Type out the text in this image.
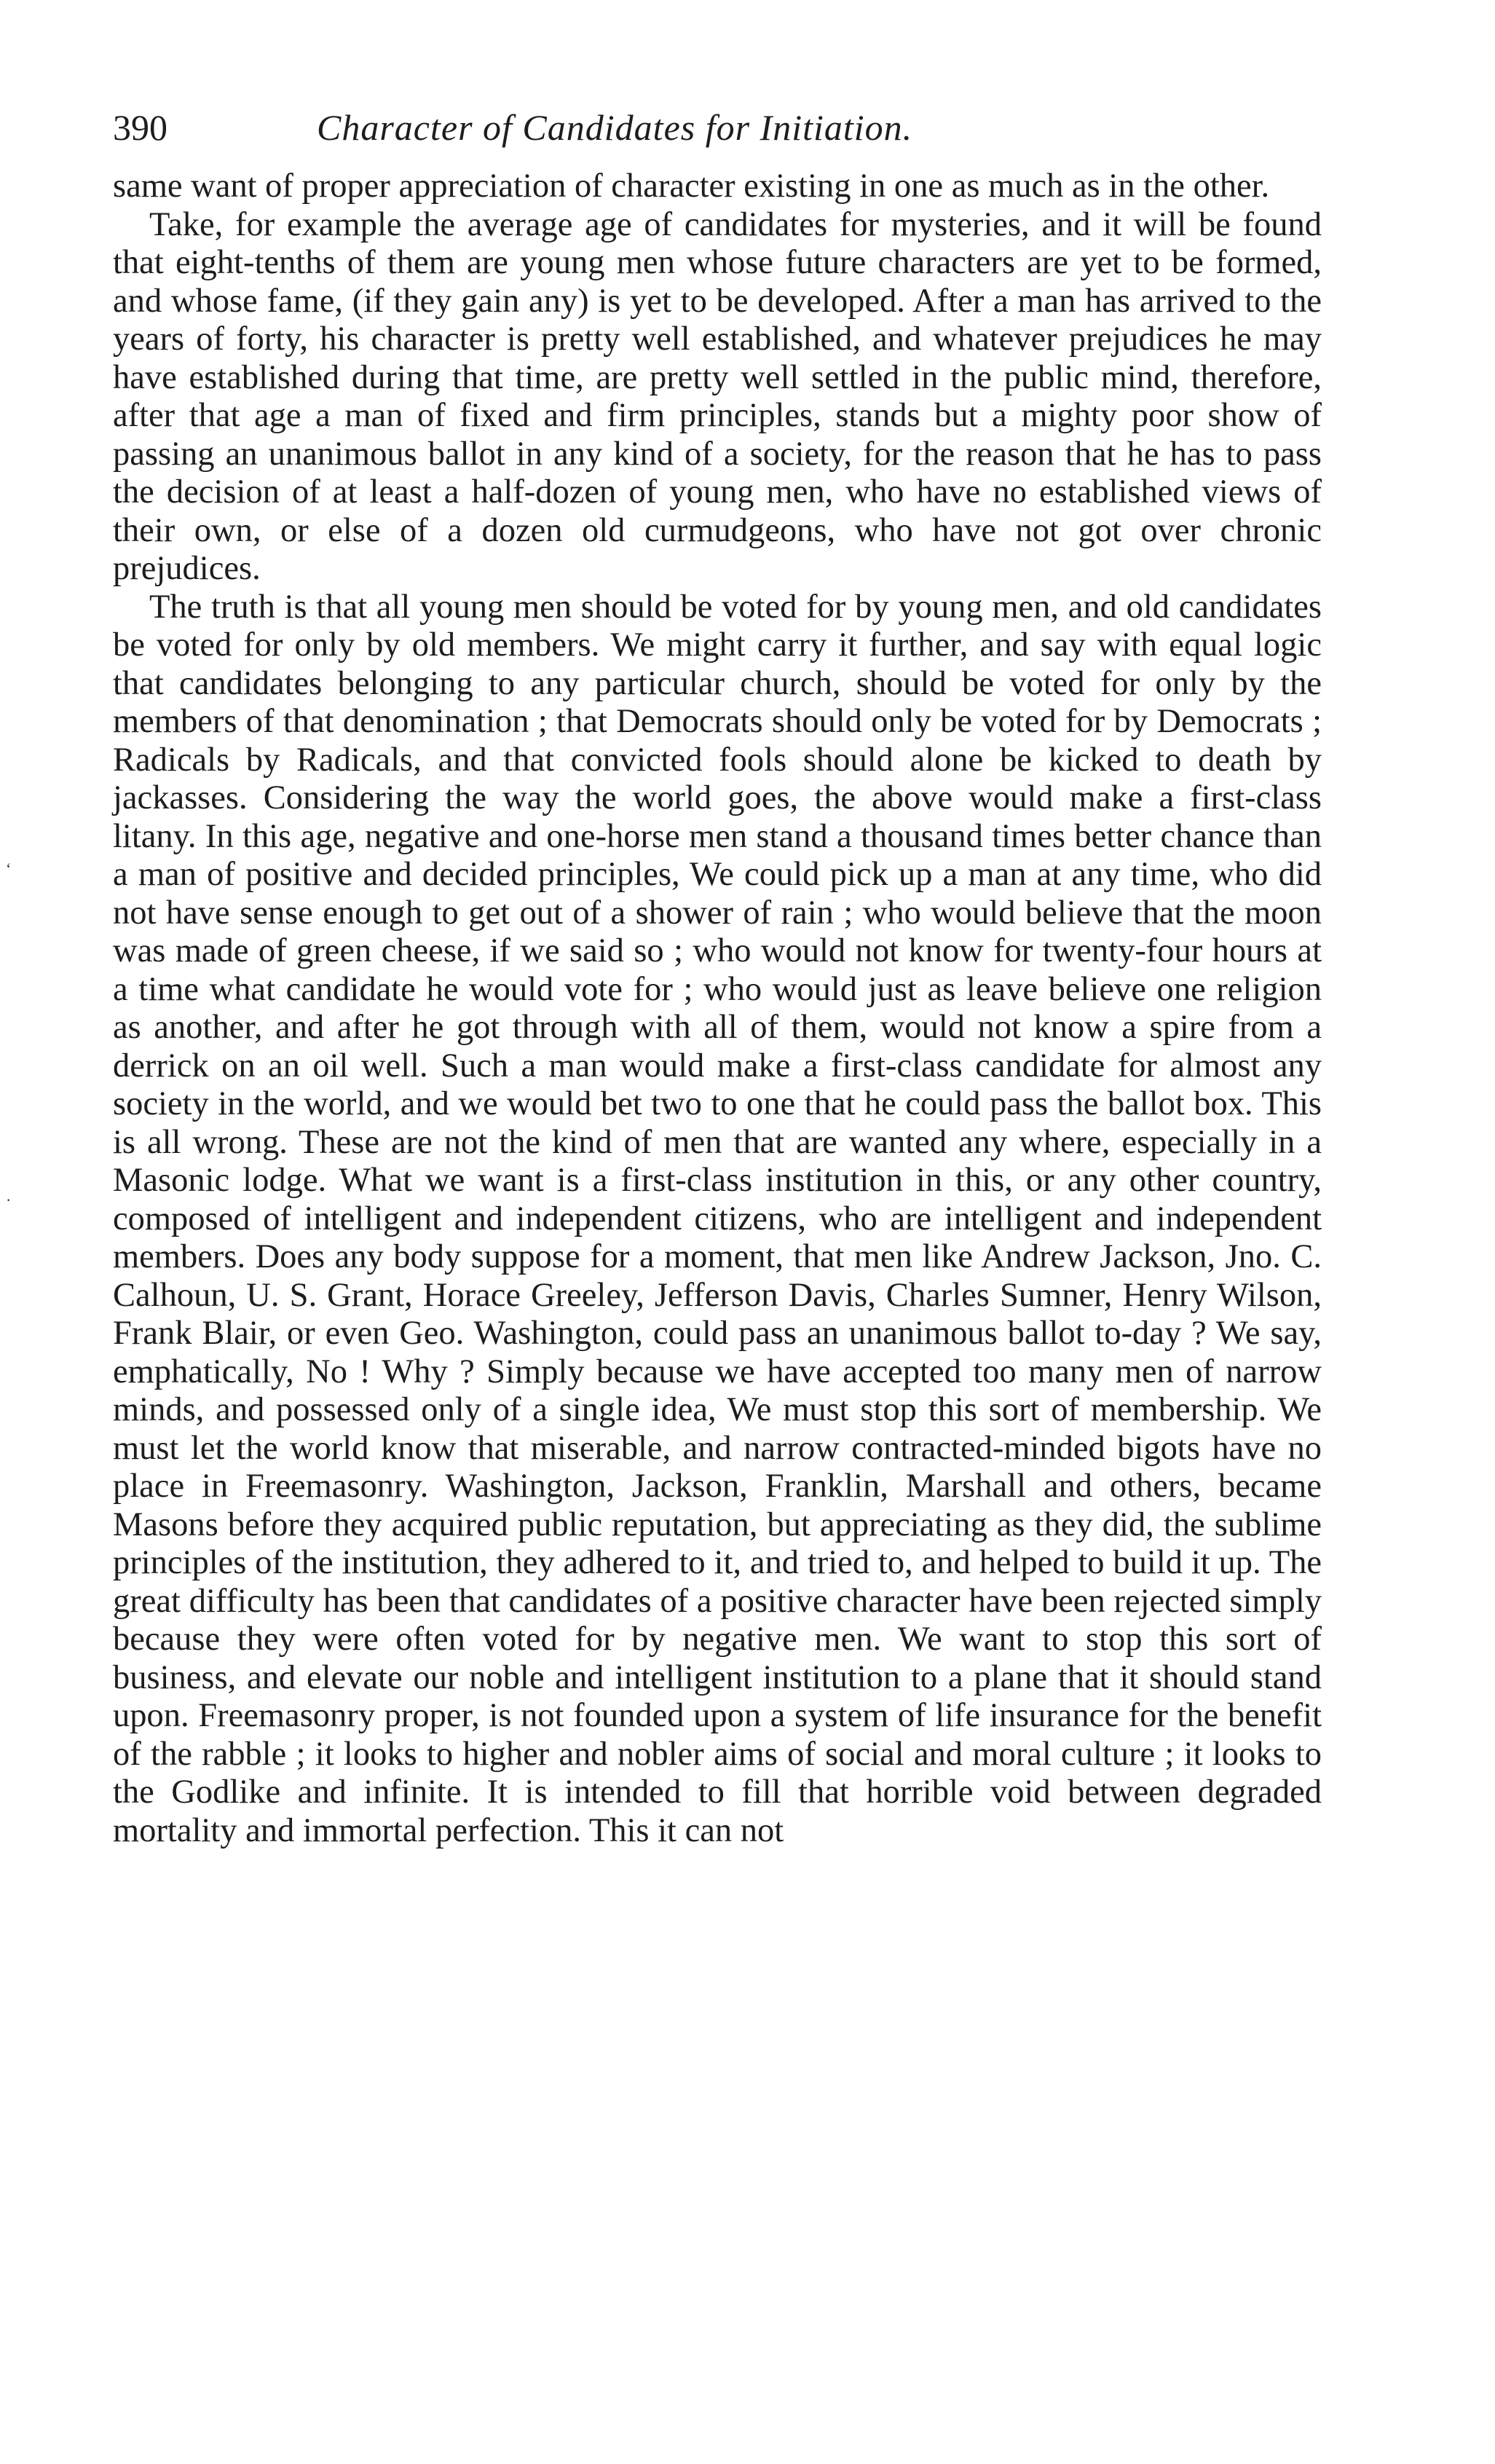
390	Character of Candidates for Initiation.

same want of proper appreciation of character existing in one as much as in the other.

Take, for example the average age of candidates for mysteries, and it will be found that eight-tenths of them are young men whose future characters are yet to be formed, and whose fame, (if they gain any) is yet to be developed. After a man has arrived to the years of forty, his character is pretty well established, and whatever prejudices he may have established during that time, are pretty well settled in the public mind, therefore, after that age a man of fixed and firm principles, stands but a mighty poor show of passing an unanimous ballot in any kind of a society, for the reason that he has to pass the decision of at least a half-dozen of young men, who have no established views of their own, or else of a dozen old curmudgeons, who have not got over chronic prejudices.

The truth is that all young men should be voted for by young men, and old candidates be voted for only by old members. We might carry it further, and say with equal logic that candidates belonging to any particular church, should be voted for only by the members of that denomination ; that Democrats should only be voted for by Democrats ; Radicals by Radicals, and that convicted fools should alone be kicked to death by jackasses. Considering the way the world goes, the above would make a first-class litany. In this age, negative and one-horse men stand a thousand times better chance than a man of positive and decided principles, We could pick up a man at any time, who did not have sense enough to get out of a shower of rain ; who would believe that the moon was made of green cheese, if we said so ; who would not know for twenty-four hours at a time what candidate he would vote for ; who would just as leave believe one religion as another, and after he got through with all of them, would not know a spire from a derrick on an oil well. Such a man would make a first-class candidate for almost any society in the world, and we would bet two to one that he could pass the ballot box. This is all wrong. These are not the kind of men that are wanted any where, especially in a Masonic lodge. What we want is a first-class institution in this, or any other country, composed of intelligent and independent citizens, who are intelligent and independent members. Does any body suppose for a moment, that men like Andrew Jackson, Jno. C. Calhoun, U. S. Grant, Horace Greeley, Jefferson Davis, Charles Sumner, Henry Wilson, Frank Blair, or even Geo. Washington, could pass an unanimous ballot to-day ? We say, emphatically, No ! Why ? Simply because we have accepted too many men of narrow minds, and possessed only of a single idea, We must stop this sort of membership. We must let the world know that miserable, and narrow contracted-minded bigots have no place in Freemasonry. Washington, Jackson, Franklin, Marshall and others, became Masons before they acquired public reputation, but appreciating as they did, the sublime principles of the institution, they adhered to it, and tried to, and helped to build it up. The great difficulty has been that candidates of a positive character have been rejected simply because they were often voted for by negative men. We want to stop this sort of business, and elevate our noble and intelligent institution to a plane that it should stand upon. Freemasonry proper, is not founded upon a system of life insurance for the benefit of the rabble ; it looks to higher and nobler aims of social and moral culture ; it looks to the Godlike and infinite. It is intended to fill that horrible void between degraded mortality and immortal perfection. This it can not

‘
·
